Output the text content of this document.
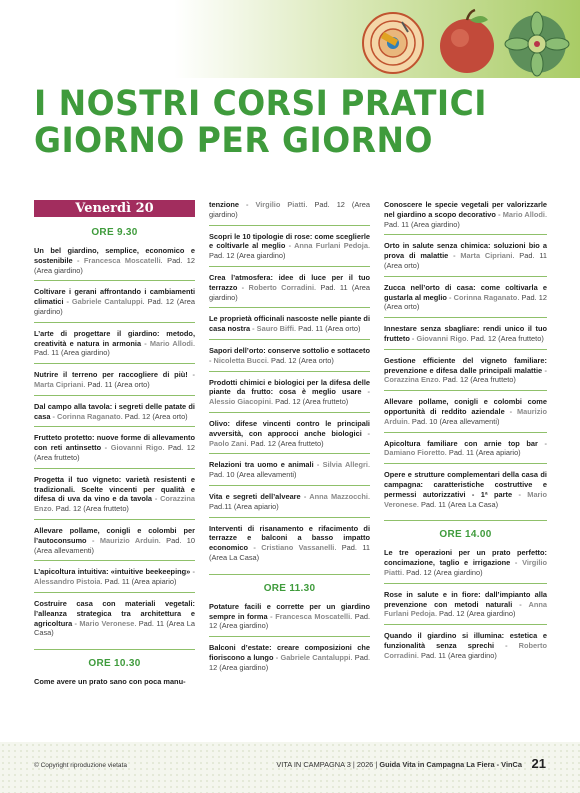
I NOSTRI CORSI PRATICI
GIORNO PER GIORNO
Venerdì 20
ORE 9.30
Un bel giardino, semplice, economico e sostenibile - Francesca Moscatelli. Pad. 12 (Area giardino)
Coltivare i gerani affrontando i cambiamenti climatici - Gabriele Cantaluppi. Pad. 12 (Area giardino)
L’arte di progettare il giardino: metodo, creatività e natura in armonia - Mario Allodi. Pad. 11 (Area giardino)
Nutrire il terreno per raccogliere di più! - Marta Cipriani. Pad. 11 (Area orto)
Dal campo alla tavola: i segreti delle patate di casa - Corinna Raganato. Pad. 12 (Area orto)
Frutteto protetto: nuove forme di allevamento con reti antinsetto - Giovanni Rigo. Pad. 12 (Area frutteto)
Progetta il tuo vigneto: varietà resistenti e tradizionali. Scelte vincenti per qualità e difesa di uva da vino e da tavola - Corazzina Enzo. Pad. 12 (Area frutteto)
Allevare pollame, conigli e colombi per l’autoconsumo - Maurizio Arduin. Pad. 10 (Area allevamenti)
L’apicoltura intuitiva: «intuitive beekeeping» - Alessandro Pistoia. Pad. 11 (Area apiario)
Costruire casa con materiali vegetali: l’alleanza strategica tra architettura e agricoltura - Mario Veronese. Pad. 11 (Area La Casa)
ORE 10.30
Come avere un prato sano con poca manu-
tenzione - Virgilio Piatti. Pad. 12 (Area giardino)
Scopri le 10 tipologie di rose: come sceglierle e coltivarle al meglio - Anna Furlani Pedoja. Pad. 12 (Area giardino)
Crea l’atmosfera: idee di luce per il tuo terrazzo - Roberto Corradini. Pad. 11 (Area giardino)
Le proprietà officinali nascoste nelle piante di casa nostra - Sauro Biffi. Pad. 11 (Area orto)
Sapori dell’orto: conserve sottolio e sottaceto - Nicoletta Bucci. Pad. 12 (Area orto)
Prodotti chimici e biologici per la difesa delle piante da frutto: cosa è meglio usare - Alessio Giacopini. Pad. 12 (Area frutteto)
Olivo: difese vincenti contro le principali avversità, con approcci anche biologici - Paolo Zani. Pad. 12 (Area frutteto)
Relazioni tra uomo e animali - Silvia Allegri. Pad. 10 (Area allevamenti)
Vita e segreti dell’alveare - Anna Mazzocchi. Pad.11 (Area apiario)
Interventi di risanamento e rifacimento di terrazze e balconi a basso impatto economico - Cristiano Vassanelli. Pad. 11 (Area La Casa)
ORE 11.30
Potature facili e corrette per un giardino sempre in forma - Francesca Moscatelli. Pad. 12 (Area giardino)
Balconi d’estate: creare composizioni che fioriscono a lungo - Gabriele Cantaluppi. Pad. 12 (Area giardino)
Conoscere le specie vegetali per valorizzarle nel giardino a scopo decorativo - Mario Allodi. Pad. 11 (Area giardino)
Orto in salute senza chimica: soluzioni bio a prova di malattie - Marta Cipriani. Pad. 11 (Area orto)
Zucca nell’orto di casa: come coltivarla e gustarla al meglio - Corinna Raganato. Pad. 12 (Area orto)
Innestare senza sbagliare: rendi unico il tuo frutteto - Giovanni Rigo. Pad. 12 (Area frutteto)
Gestione efficiente del vigneto familiare: prevenzione e difesa dalle principali malattie - Corazzina Enzo. Pad. 12 (Area frutteto)
Allevare pollame, conigli e colombi come opportunità di reddito aziendale - Maurizio Arduin. Pad. 10 (Area allevamenti)
Apicoltura familiare con arnie top bar - Damiano Fioretto. Pad. 11 (Area apiario)
Opere e strutture complementari della casa di campagna: caratteristiche costruttive e permessi autorizzativi - 1ª parte - Mario Veronese. Pad. 11 (Area La Casa)
ORE 14.00
Le tre operazioni per un prato perfetto: concimazione, taglio e irrigazione - Virgilio Piatti. Pad. 12 (Area giardino)
Rose in salute e in fiore: dall’impianto alla prevenzione con metodi naturali - Anna Furlani Pedoja. Pad. 12 (Area giardino)
Quando il giardino si illumina: estetica e funzionalità senza sprechi - Roberto Corradini. Pad. 11 (Area giardino)
© Copyright riproduzione vietata	VITA IN CAMPAGNA 3 | 2026 | Guida Vita in Campagna La Fiera - VinCa 21
